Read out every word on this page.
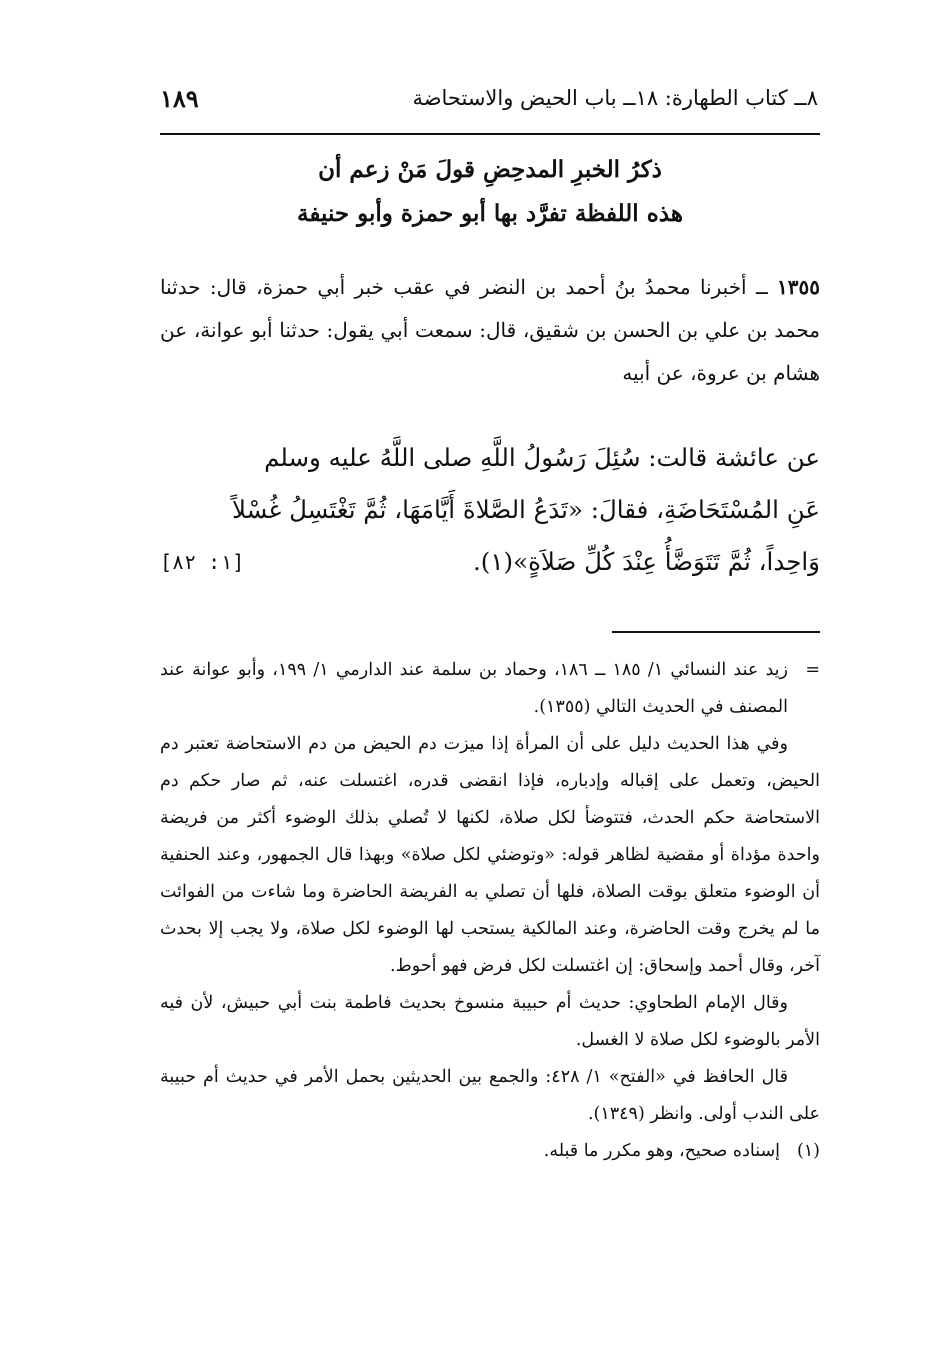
٨ــ كتاب الطهارة: ١٨ــ باب الحيض والاستحاضة
١٨٩
ذكرُ الخبرِ المدحِضِ قولَ مَنْ زعم أن
هذه اللفظة تفرَّد بها أبو حمزة وأبو حنيفة
١٣٥٥ ــ أخبرنا محمدُ بنُ أحمد بن النضر في عقب خبر أبي حمزة، قال: حدثنا محمد بن علي بن الحسن بن شقيق، قال: سمعت أبي يقول: حدثنا أبو عوانة، عن هشام بن عروة، عن أبيه
عن عائشة قالت: سُئِلَ رَسُولُ اللَّهِ صلى اللَّهُ عليه وسلم
عَنِ المُسْتَحَاضَةِ، فقالَ: «تَدَعُ الصَّلاةَ أَيَّامَهَا، ثُمَّ تَغْتَسِلُ غُسْلاً
وَاحِداً، ثُمَّ تَتَوَضَّأُ عِنْدَ كُلِّ صَلاَةٍ»(١).
[١: ٨٢]

=
زيد عند النسائي ١/ ١٨٥ ــ ١٨٦، وحماد بن سلمة عند الدارمي ١/ ١٩٩، وأبو عوانة عند المصنف في الحديث التالي (١٣٥٥).

وفي هذا الحديث دليل على أن المرأة إذا ميزت دم الحيض من دم الاستحاضة تعتبر دم الحيض، وتعمل على إقباله وإدباره، فإذا انقضى قدره، اغتسلت عنه، ثم صار حكم دم الاستحاضة حكم الحدث، فتتوضأ لكل صلاة، لكنها لا تُصلي بذلك الوضوء أكثر من فريضة واحدة مؤداة أو مقضية لظاهر قوله: «وتوضئي لكل صلاة» وبهذا قال الجمهور، وعند الحنفية أن الوضوء متعلق بوقت الصلاة، فلها أن تصلي به الفريضة الحاضرة وما شاءت من الفوائت ما لم يخرج وقت الحاضرة، وعند المالكية يستحب لها الوضوء لكل صلاة، ولا يجب إلا بحدث آخر، وقال أحمد وإسحاق: إن اغتسلت لكل فرض فهو أحوط.

وقال الإمام الطحاوي: حديث أم حبيبة منسوخ بحديث فاطمة بنت أبي حبيش، لأن فيه الأمر بالوضوء لكل صلاة لا الغسل.

قال الحافظ في «الفتح» ١/ ٤٢٨: والجمع بين الحديثين بحمل الأمر في حديث أم حبيبة على الندب أولى. وانظر (١٣٤٩).

(١)
إسناده صحيح، وهو مكرر ما قبله.
